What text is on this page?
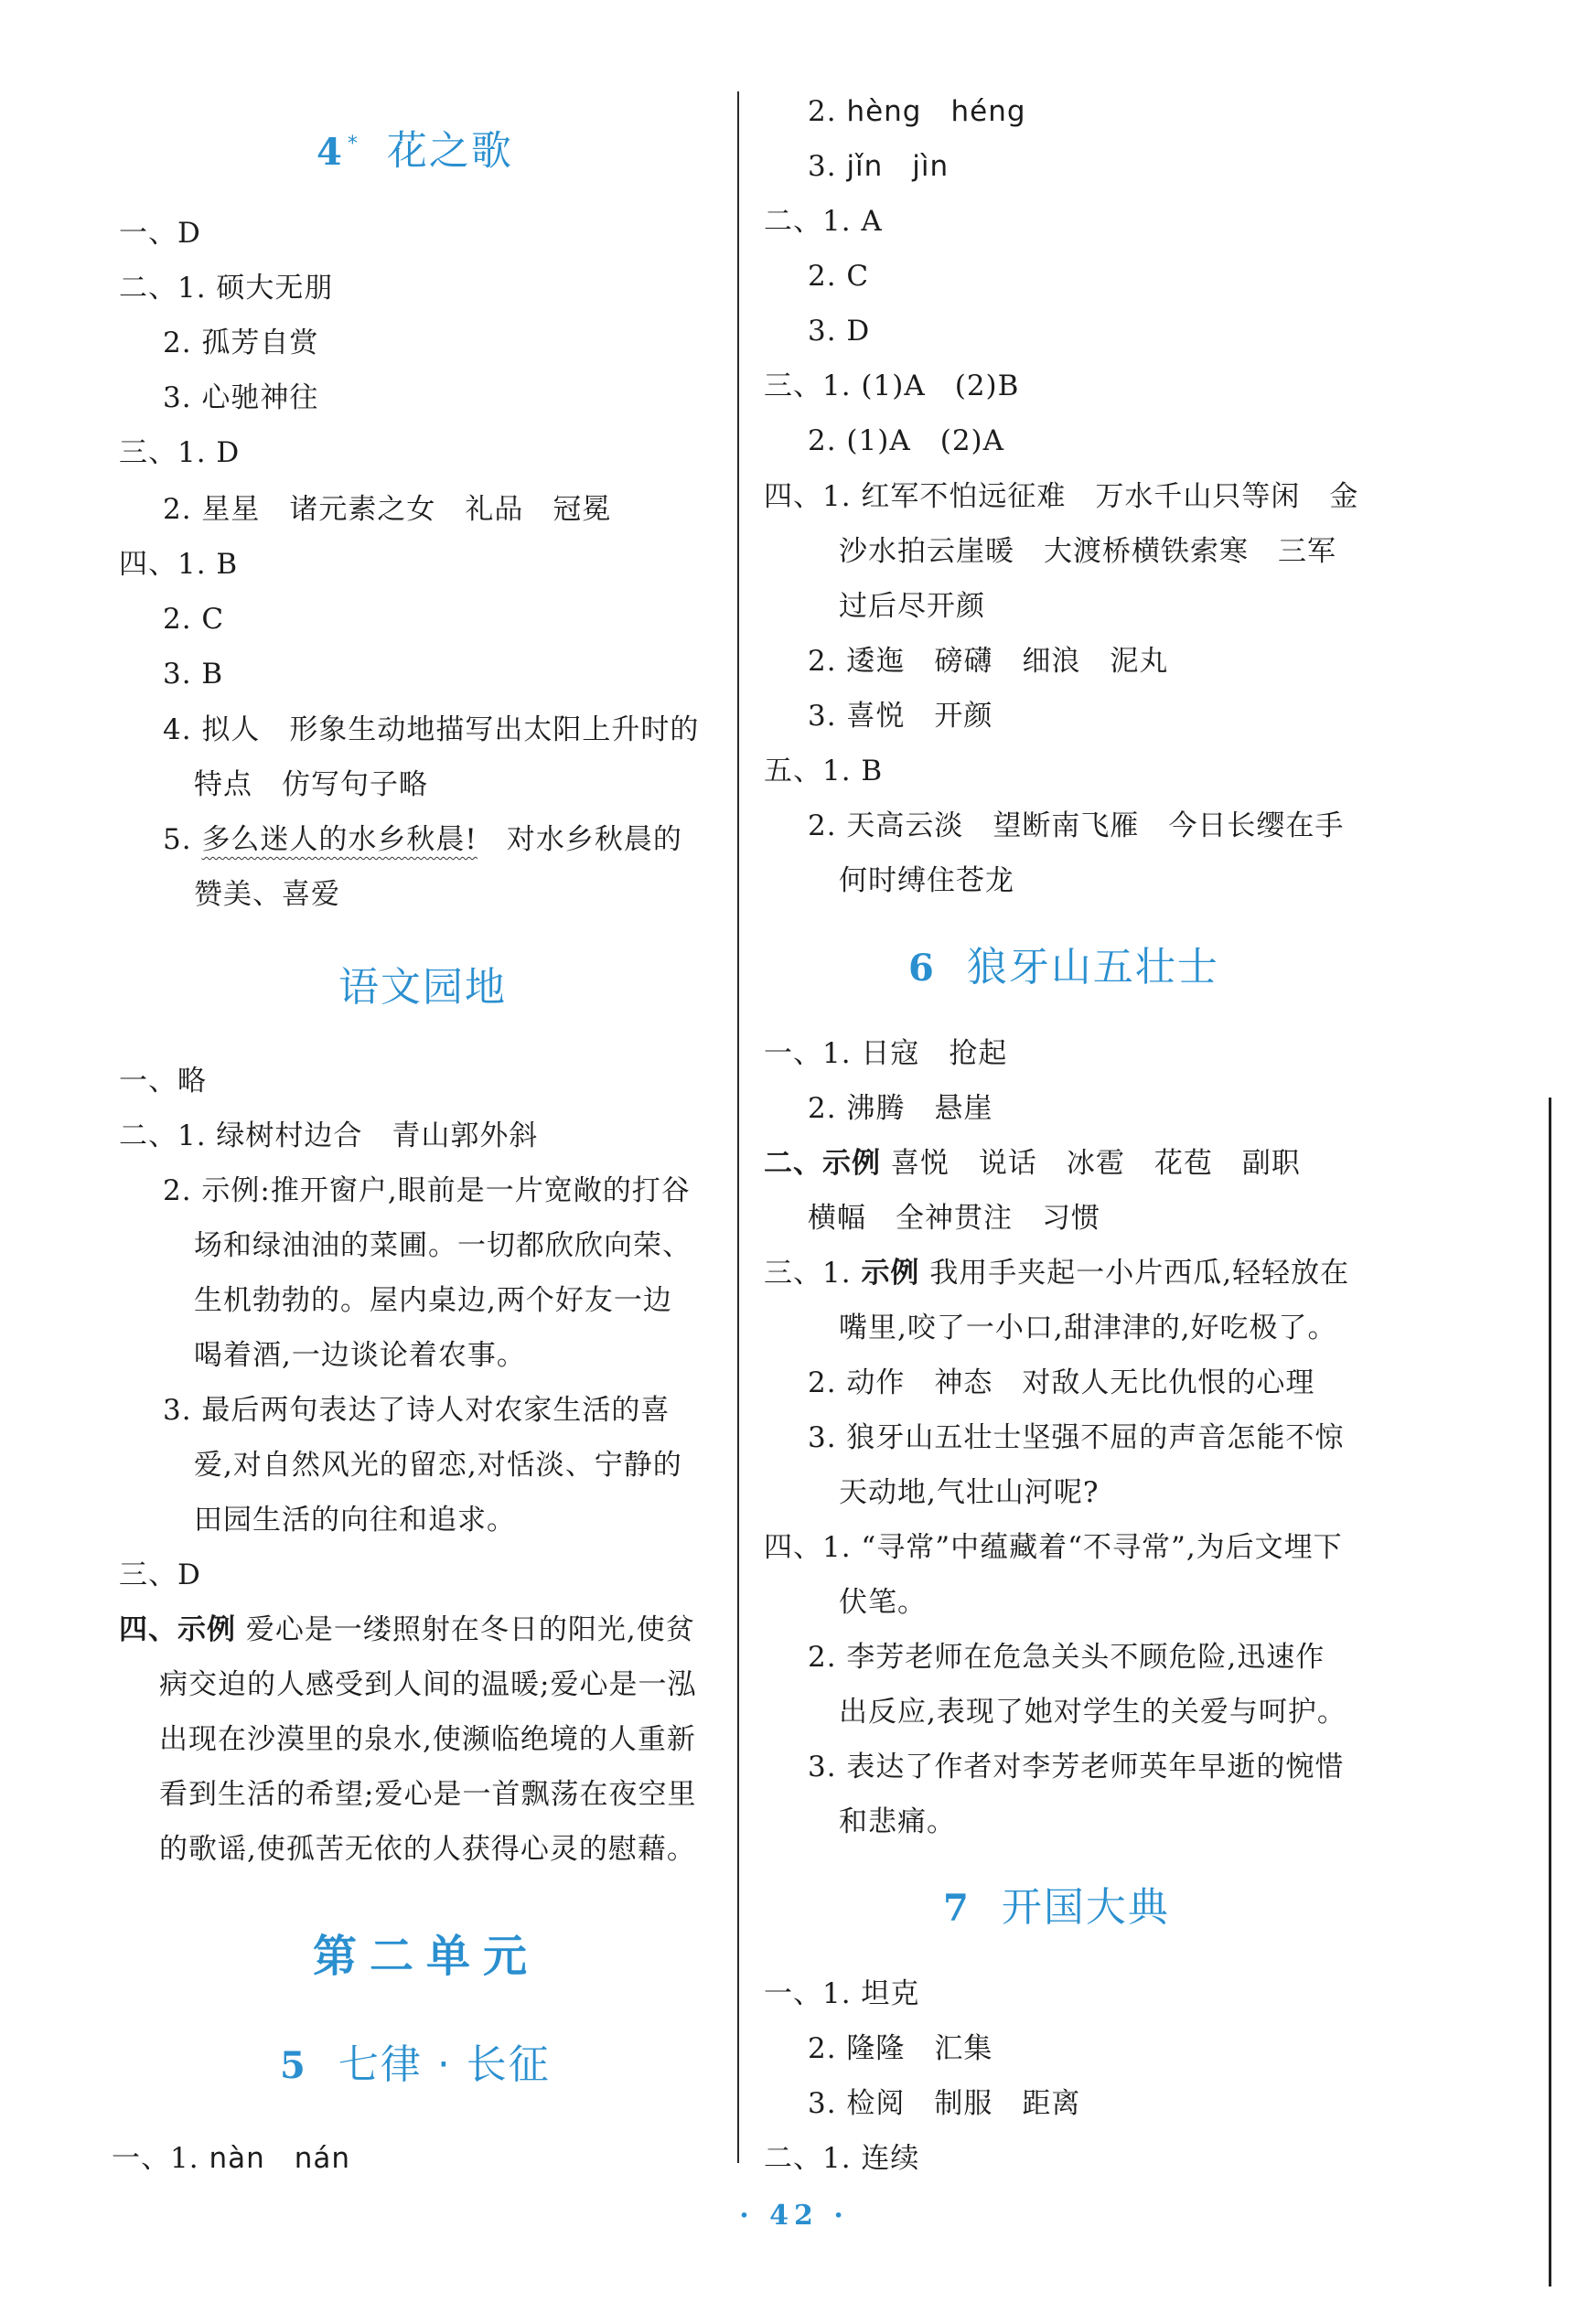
4 * 花之歌
一、D
二、1. 硕大无朋
2. 孤芳自赏
3. 心驰神往
三、1. D
2. 星星　诸元素之女　礼品　冠冕
四、1. B
2. C
3. B
4. 拟人　形象生动地描写出太阳上升时的
特点　仿写句子略
5. 多么迷人的水乡秋晨!　对水乡秋晨的
赞美、喜爱
语文园地
一、略
二、1. 绿树村边合　青山郭外斜
2. 示例:推开窗户,眼前是一片宽敞的打谷
场和绿油油的菜圃。一切都欣欣向荣、
生机勃勃的。屋内桌边,两个好友一边
喝着酒,一边谈论着农事。
3. 最后两句表达了诗人对农家生活的喜
爱,对自然风光的留恋,对恬淡、宁静的
田园生活的向往和追求。
三、D
四、示例 爱心是一缕照射在冬日的阳光,使贫
病交迫的人感受到人间的温暖;爱心是一泓
出现在沙漠里的泉水,使濒临绝境的人重新
看到生活的希望;爱心是一首飘荡在夜空里
的歌谣,使孤苦无依的人获得心灵的慰藉。
第二单元
5 七律 · 长征
一、1. nàn　nán
2. hèng　héng
3. jǐn　jìn
二、1. A
2. C
3. D
三、1. (1)A　(2)B
2. (1)A　(2)A
四、1. 红军不怕远征难　万水千山只等闲　金
沙水拍云崖暖　大渡桥横铁索寒　三军
过后尽开颜
2. 逶迤　磅礴　细浪　泥丸
3. 喜悦　开颜
五、1. B
2. 天高云淡　望断南飞雁　今日长缨在手
何时缚住苍龙
6 狼牙山五壮士
一、1. 日寇　抢起
2. 沸腾　悬崖
二、示例 喜悦　说话　冰雹　花苞　副职
横幅　全神贯注　习惯
三、1. 示例 我用手夹起一小片西瓜,轻轻放在
嘴里,咬了一小口,甜津津的,好吃极了。
2. 动作　神态　对敌人无比仇恨的心理
3. 狼牙山五壮士坚强不屈的声音怎能不惊
天动地,气壮山河呢?
四、1. “寻常”中蕴藏着“不寻常”,为后文埋下
伏笔。
2. 李芳老师在危急关头不顾危险,迅速作
出反应,表现了她对学生的关爱与呵护。
3. 表达了作者对李芳老师英年早逝的惋惜
和悲痛。
7 开国大典
一、1. 坦克
2. 隆隆　汇集
3. 检阅　制服　距离
二、1. 连续
· 42 ·
